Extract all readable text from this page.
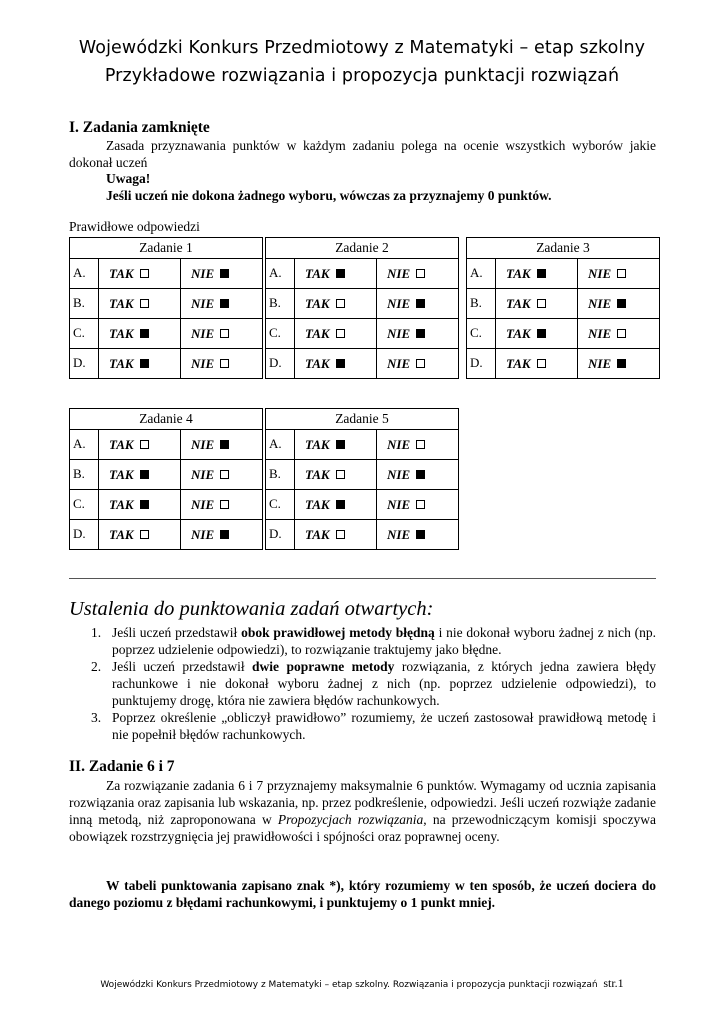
Wojewódzki Konkurs Przedmiotowy z Matematyki – etap szkolny
Przykładowe rozwiązania i propozycja punktacji rozwiązań
I. Zadania zamknięte
Zasada przyznawania punktów w każdym zadaniu polega na ocenie wszystkich wyborów jakie dokonał uczeń
Uwaga!
Jeśli uczeń nie dokona żadnego wyboru, wówczas za przyznajemy 0 punktów.
Prawidłowe odpowiedzi
Zadanie 1		
A.	TAK	NIE
B.	TAK	NIE
C.	TAK	NIE
D.	TAK	NIE
Zadanie 2		
A.	TAK	NIE
B.	TAK	NIE
C.	TAK	NIE
D.	TAK	NIE
Zadanie 3		
A.	TAK	NIE
B.	TAK	NIE
C.	TAK	NIE
D.	TAK	NIE
Zadanie 4		
A.	TAK	NIE
B.	TAK	NIE
C.	TAK	NIE
D.	TAK	NIE
Zadanie 5		
A.	TAK	NIE
B.	TAK	NIE
C.	TAK	NIE
D.	TAK	NIE
Ustalenia do punktowania zadań otwartych:
1. Jeśli uczeń przedstawił obok prawidłowej metody błędną i nie dokonał wyboru żadnej z nich (np. poprzez udzielenie odpowiedzi), to rozwiązanie traktujemy jako błędne.
2. Jeśli uczeń przedstawił dwie poprawne metody rozwiązania, z których jedna zawiera błędy rachunkowe i nie dokonał wyboru żadnej z nich (np. poprzez udzielenie odpowiedzi), to punktujemy drogę, która nie zawiera błędów rachunkowych.
3. Poprzez określenie „obliczył prawidłowo” rozumiemy, że uczeń zastosował prawidłową metodę i nie popełnił błędów rachunkowych.
II. Zadanie 6 i 7
Za rozwiązanie zadania 6 i 7 przyznajemy maksymalnie 6 punktów. Wymagamy od ucznia zapisania rozwiązania oraz zapisania lub wskazania, np. przez podkreślenie, odpowiedzi. Jeśli uczeń rozwiąże zadanie inną metodą, niż zaproponowana w Propozycjach rozwiązania, na przewodniczącym komisji spoczywa obowiązek rozstrzygnięcia jej prawidłowości i spójności oraz poprawnej oceny.
W tabeli punktowania zapisano znak *), który rozumiemy w ten sposób, że uczeń dociera do danego poziomu z błędami rachunkowymi, i punktujemy o 1 punkt mniej.
Wojewódzki Konkurs Przedmiotowy z Matematyki – etap szkolny. Rozwiązania i propozycja punktacji rozwiązań str.1
